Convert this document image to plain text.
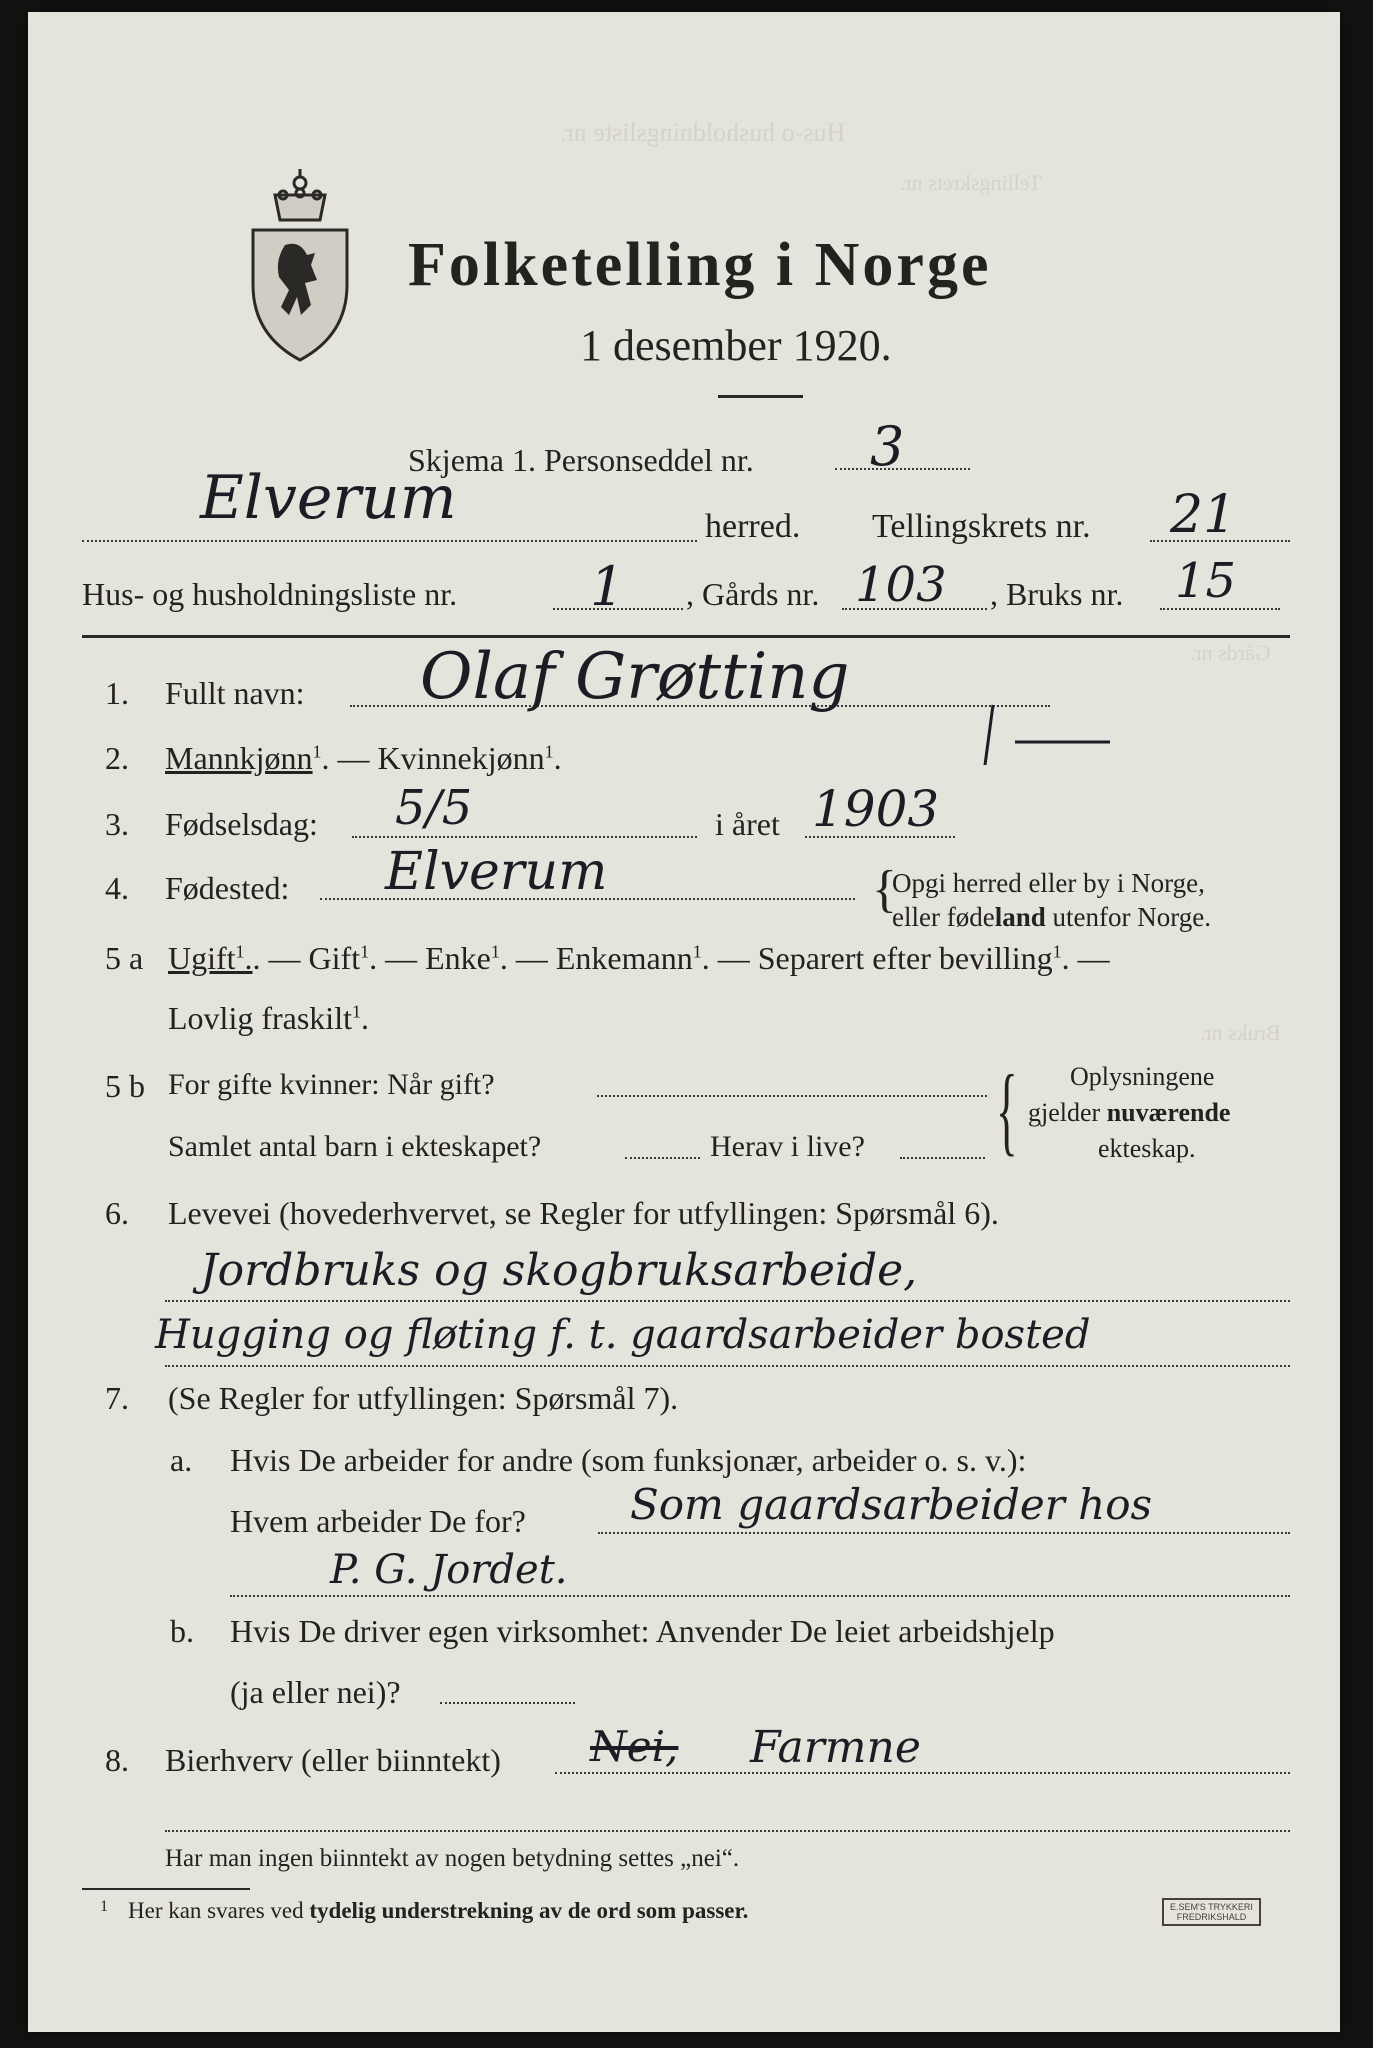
Hus-o husholdningsliste nr.
Tellingskrets nr.
Gårds nr.
Bruks nr.
Folketelling i Norge
1 desember 1920.
Skjema 1. Personseddel nr. 3
Elverum	herred. Tellingskrets nr. 21
Hus- og husholdningsliste nr. 1 , Gårds nr. 103 , Bruks nr. 15
1. Fullt navn: Olaf Grøtting
2. Mannkjønn$^1$. — Kvinnekjønn$^1$.
3. Fødselsdag: 5/5	i året 1903
4. Fødested: Elverum	{
Opgi herred eller by i Norge,
eller fødeland utenfor Norge.
5 a Ugift$^1$.. — Gift$^1$. — Enke$^1$. — Enkemann$^1$. — Separert efter bevilling$^1$. —
Lovlig fraskilt$^1$.
5 b For gifte kvinner: Når gift?
Samlet antal barn i ekteskapet?	Herav i live? { Oplysningene
gjelder nuværende
ekteskap.
6. Levevei (hovederhvervet, se Regler for utfyllingen: Spørsmål 6).
Jordbruks og skogbruksarbeide,
Hugging og fløting f. t. gaardsarbeider bosted
7. (Se Regler for utfyllingen: Spørsmål 7).
a. Hvis De arbeider for andre (som funksjonær, arbeider o. s. v.):
Hvem arbeider De for? Som gaardsarbeider hos
P. G. Jordet.
b. Hvis De driver egen virksomhet: Anvender De leiet arbeidshjelp
(ja eller nei)?
8. Bierhverv (eller biinntekt) Nei, Farmne
Har man ingen biinntekt av nogen betydning settes „nei“.
1 Her kan svares ved tydelig understrekning av de ord som passer.	E.SEM'S TRYKKERI
FREDRIKSHALD
